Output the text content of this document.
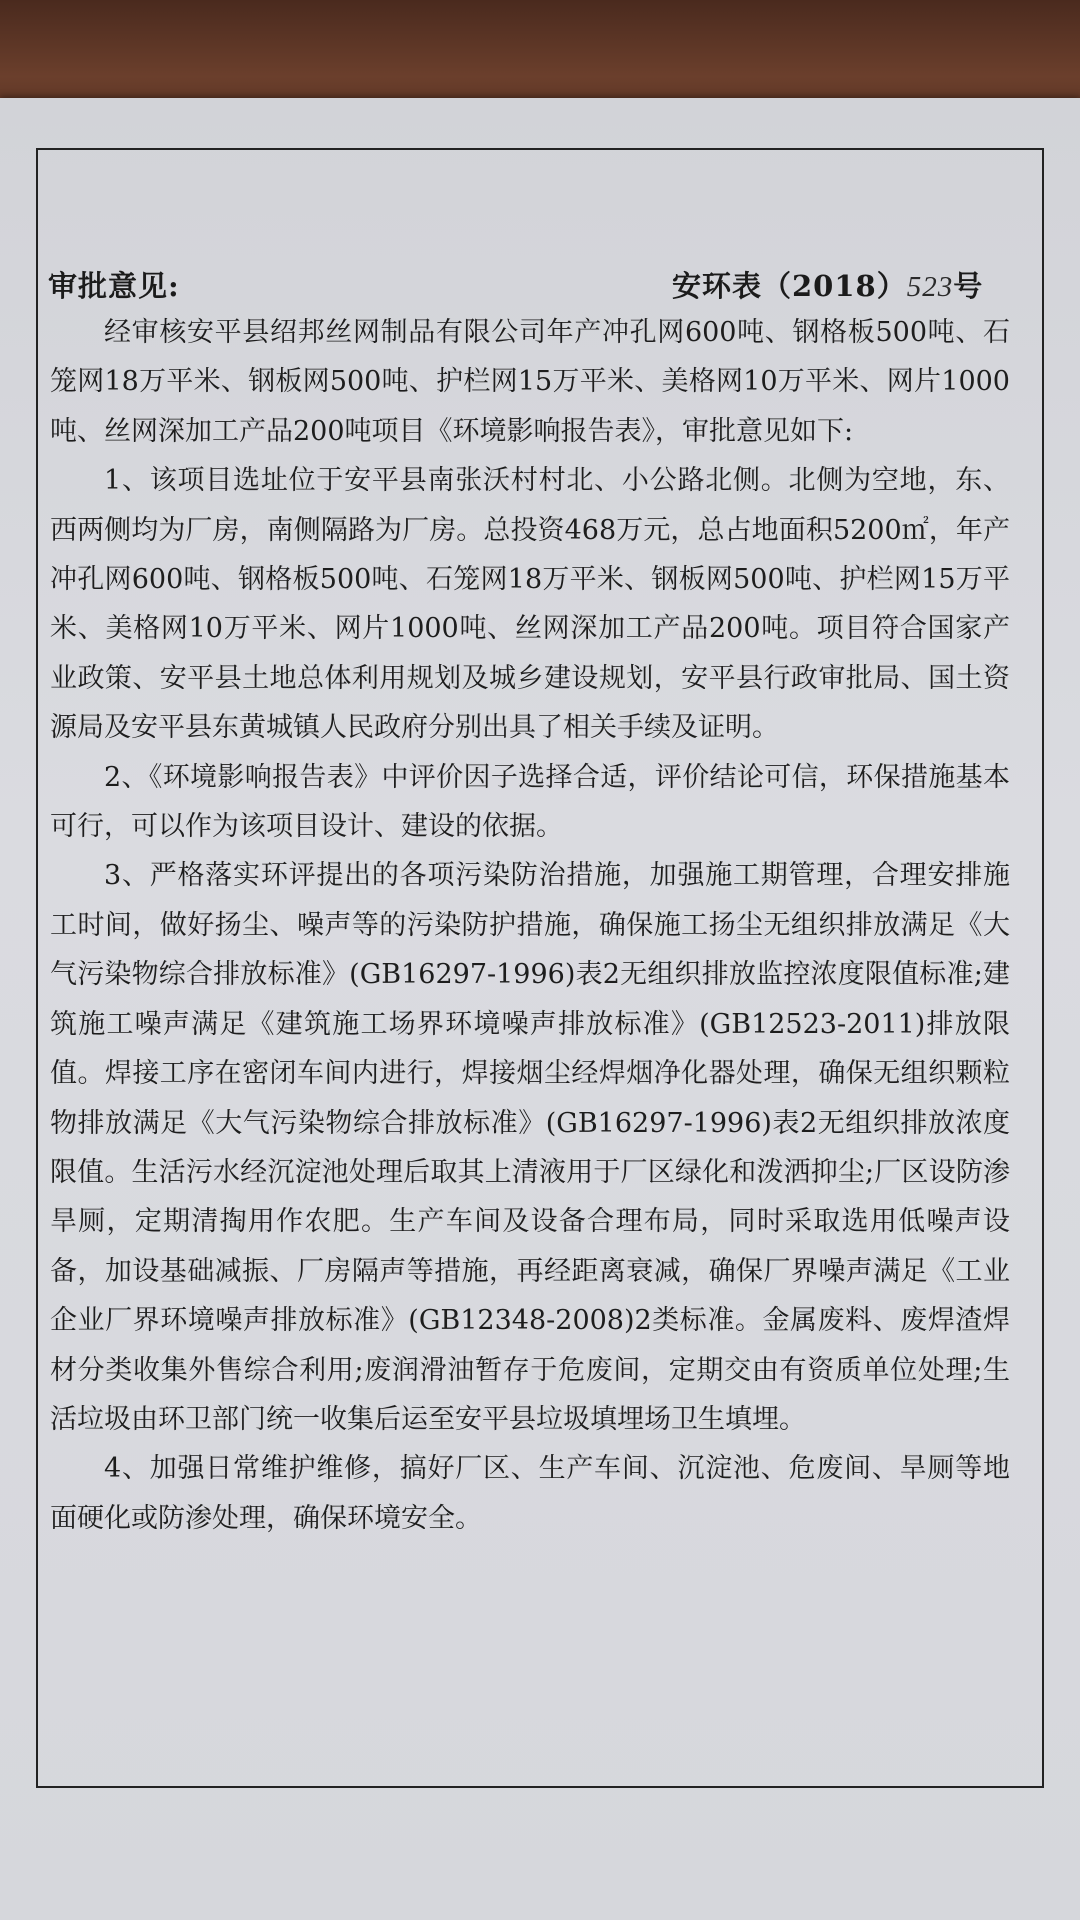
审批意见:	安环表（2018）523号

经审核安平县绍邦丝网制品有限公司年产冲孔网600吨、钢格板500吨、石笼网18万平米、钢板网500吨、护栏网15万平米、美格网10万平米、网片1000吨、丝网深加工产品200吨项目《环境影响报告表》，审批意见如下:

1、该项目选址位于安平县南张沃村村北、小公路北侧。北侧为空地，东、西两侧均为厂房，南侧隔路为厂房。总投资468万元，总占地面积5200㎡，年产冲孔网600吨、钢格板500吨、石笼网18万平米、钢板网500吨、护栏网15万平米、美格网10万平米、网片1000吨、丝网深加工产品200吨。项目符合国家产业政策、安平县土地总体利用规划及城乡建设规划，安平县行政审批局、国土资源局及安平县东黄城镇人民政府分别出具了相关手续及证明。

2、《环境影响报告表》中评价因子选择合适，评价结论可信，环保措施基本可行，可以作为该项目设计、建设的依据。

3、严格落实环评提出的各项污染防治措施，加强施工期管理，合理安排施工时间，做好扬尘、噪声等的污染防护措施，确保施工扬尘无组织排放满足《大气污染物综合排放标准》(GB16297-1996)表2无组织排放监控浓度限值标准;建筑施工噪声满足《建筑施工场界环境噪声排放标准》(GB12523-2011)排放限值。焊接工序在密闭车间内进行，焊接烟尘经焊烟净化器处理，确保无组织颗粒物排放满足《大气污染物综合排放标准》(GB16297-1996)表2无组织排放浓度限值。生活污水经沉淀池处理后取其上清液用于厂区绿化和泼洒抑尘;厂区设防渗旱厕，定期清掏用作农肥。生产车间及设备合理布局，同时采取选用低噪声设备，加设基础减振、厂房隔声等措施，再经距离衰减，确保厂界噪声满足《工业企业厂界环境噪声排放标准》(GB12348-2008)2类标准。金属废料、废焊渣焊材分类收集外售综合利用;废润滑油暂存于危废间，定期交由有资质单位处理;生活垃圾由环卫部门统一收集后运至安平县垃圾填埋场卫生填埋。

4、加强日常维护维修，搞好厂区、生产车间、沉淀池、危废间、旱厕等地面硬化或防渗处理，确保环境安全。
